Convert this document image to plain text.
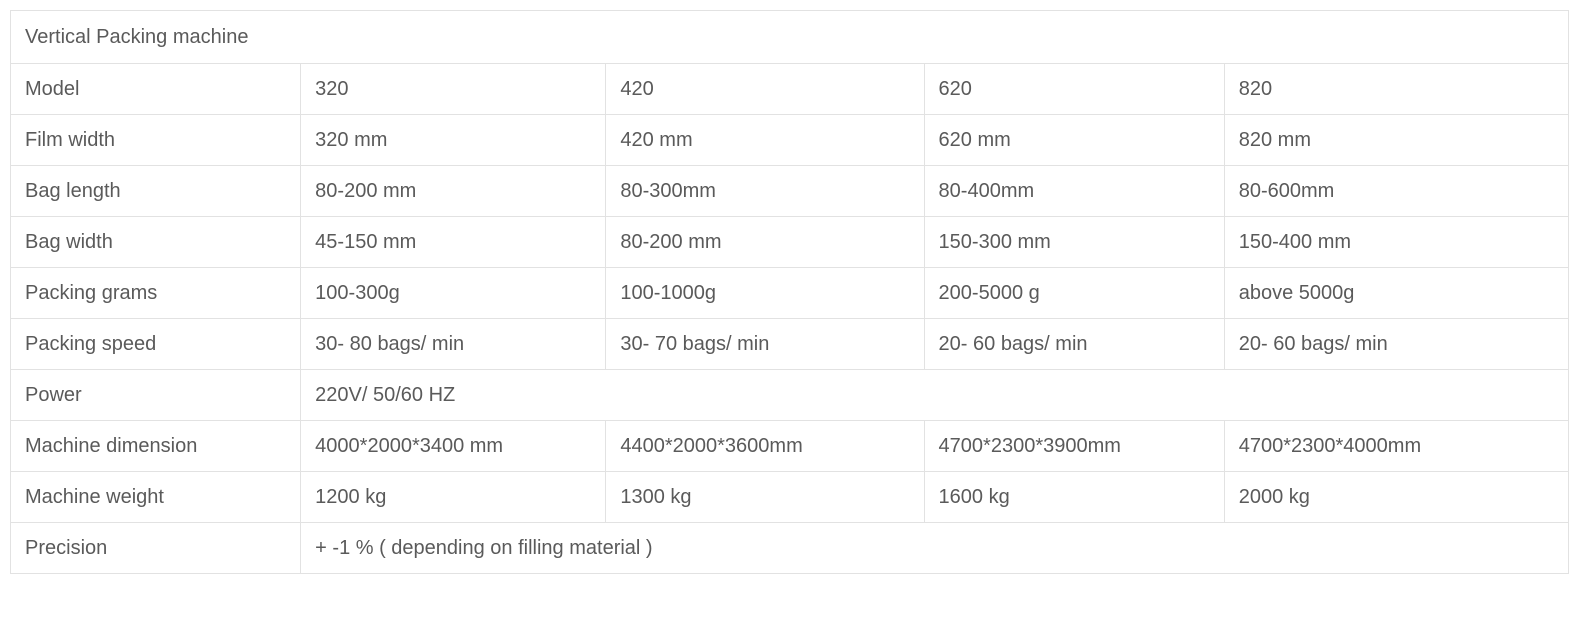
Vertical Packing machine				
Model	320	420	620	820
Film width	320 mm	420 mm	620 mm	820 mm
Bag length	80-200 mm	80-300mm	80-400mm	80-600mm
Bag width	45-150 mm	80-200 mm	150-300 mm	150-400 mm
Packing grams	100-300g	100-1000g	200-5000 g	above 5000g
Packing speed	30- 80 bags/ min	30- 70 bags/ min	20- 60 bags/ min	20- 60 bags/ min
Power	220V/ 50/60 HZ			
Machine dimension	4000*2000*3400 mm	4400*2000*3600mm	4700*2300*3900mm	4700*2300*4000mm
Machine weight	1200 kg	1300 kg	1600 kg	2000 kg
Precision	+ -1 % ( depending on filling material )			
